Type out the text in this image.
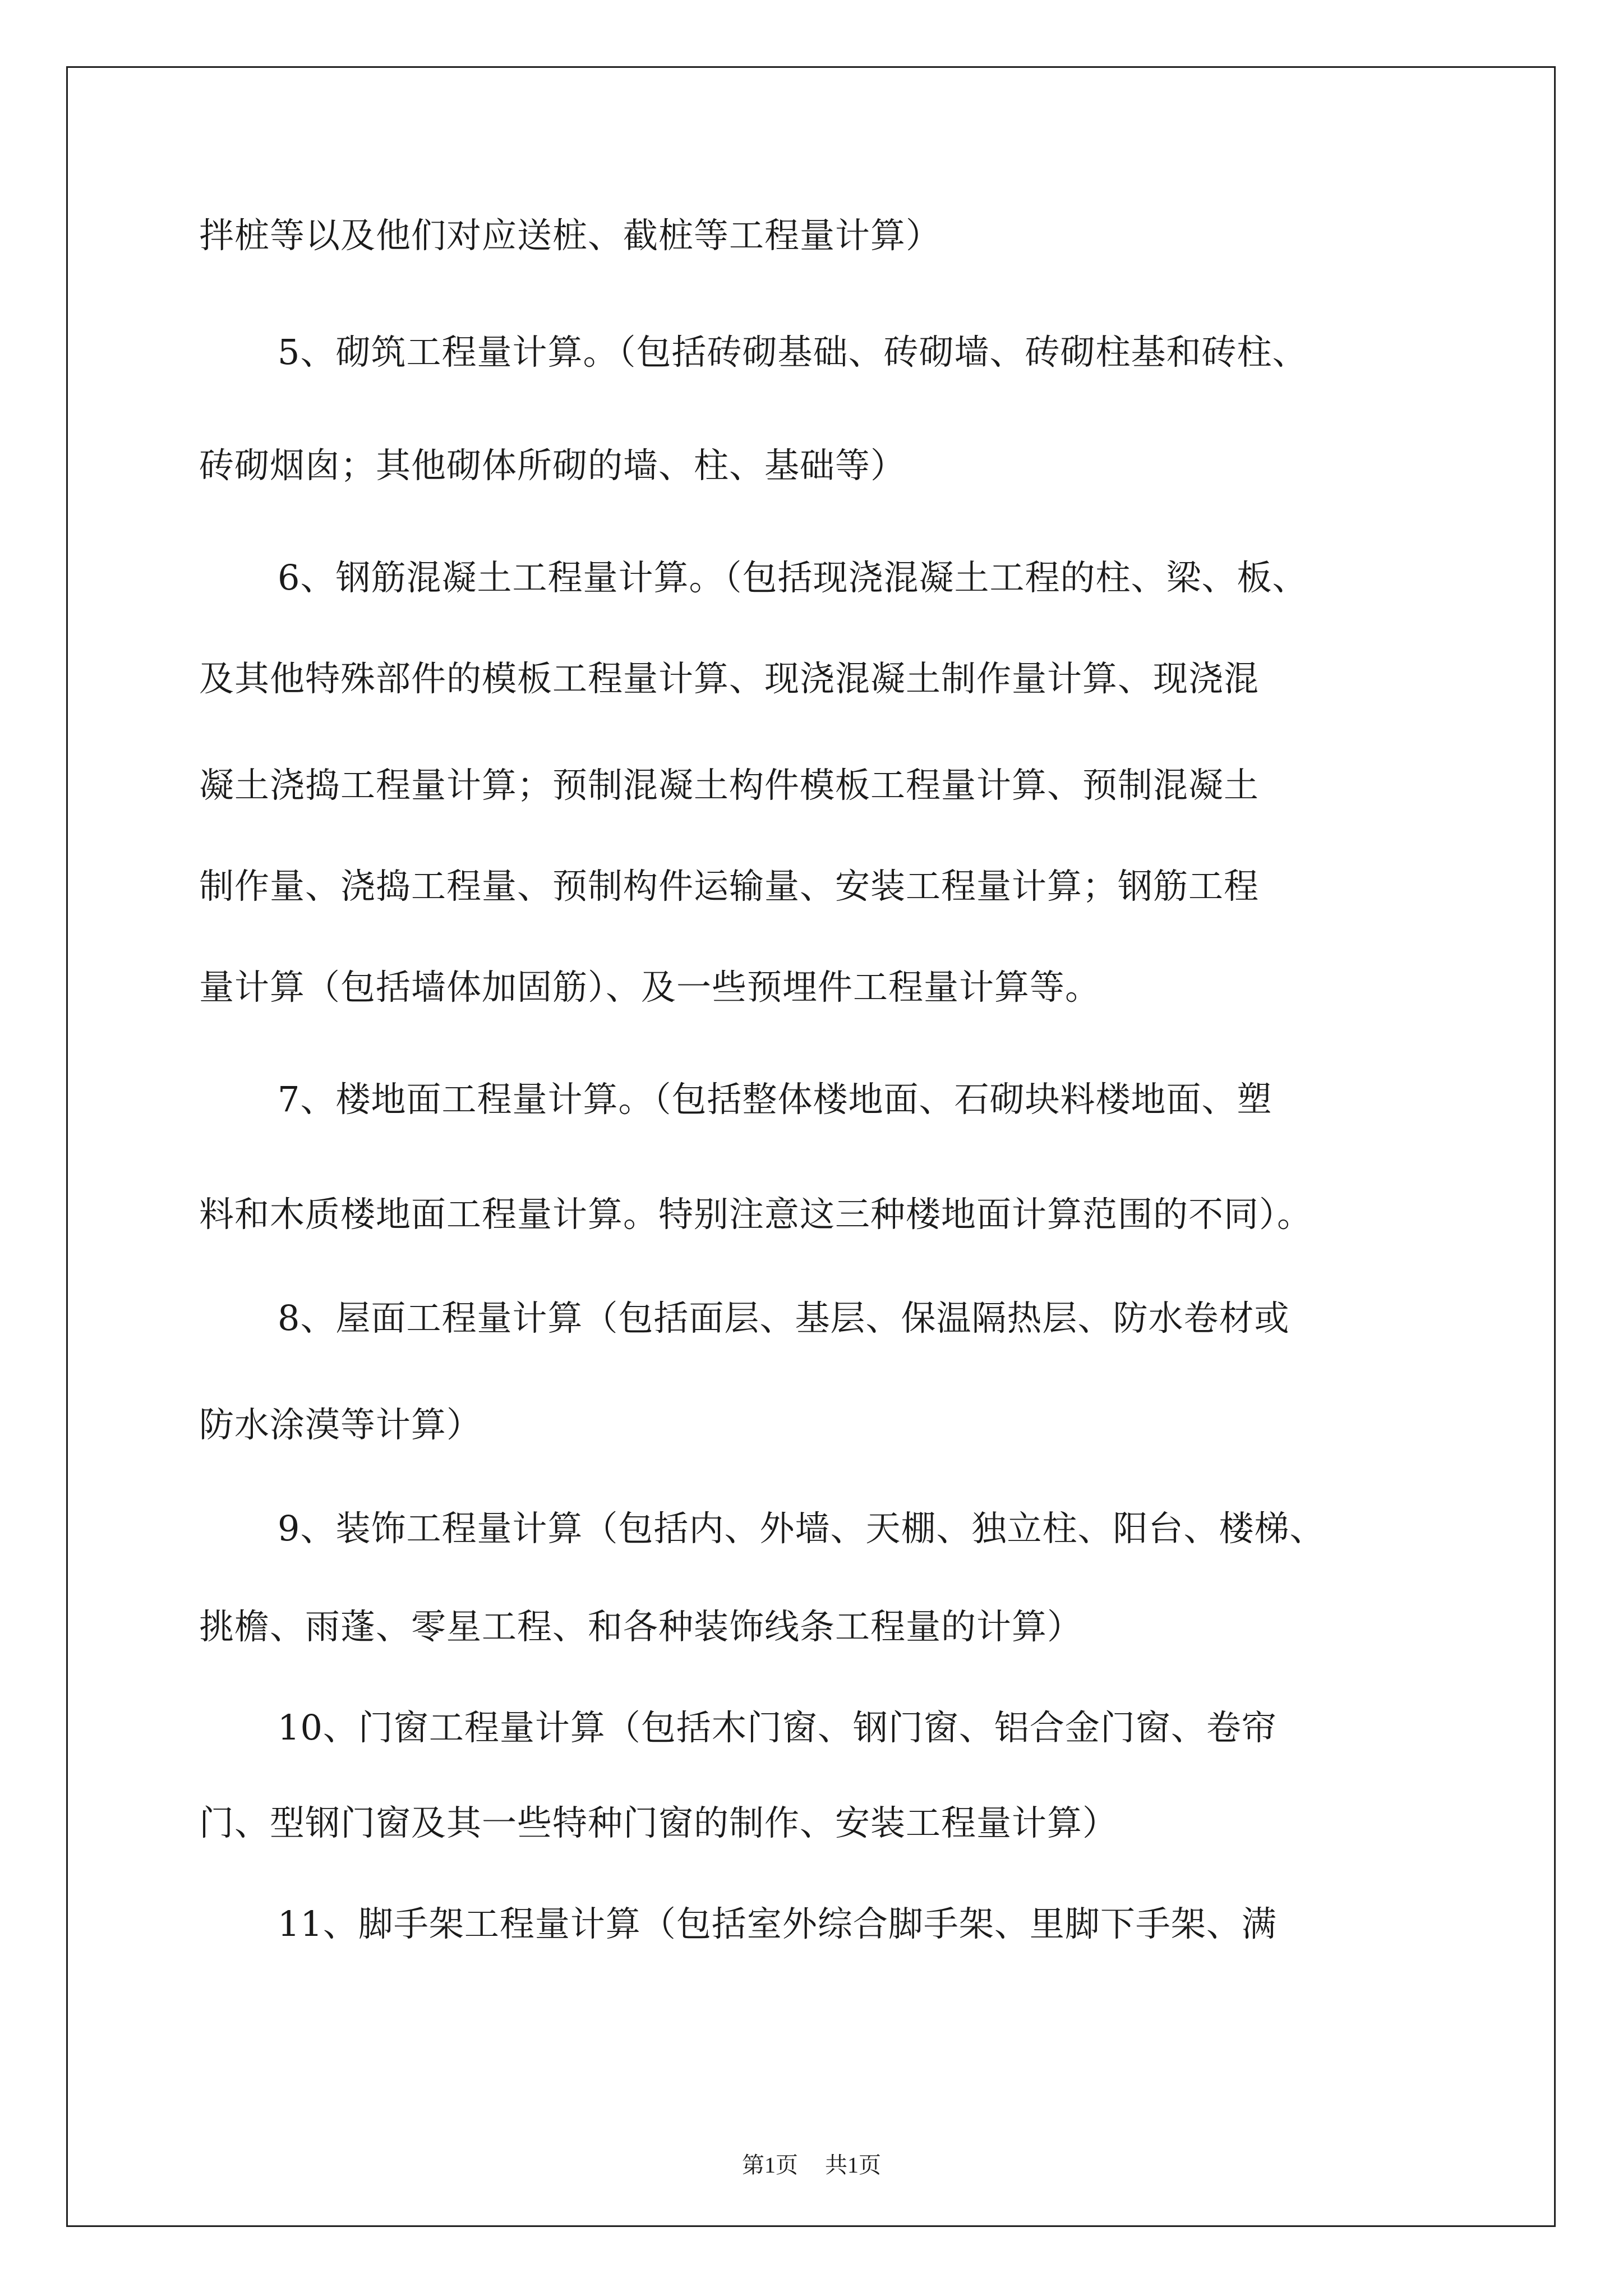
拌桩等以及他们对应送桩、截桩等工程量计算）
5、砌筑工程量计算。（包括砖砌基础、砖砌墙、砖砌柱基和砖柱、
砖砌烟囱；其他砌体所砌的墙、柱、基础等）
6、钢筋混凝土工程量计算。（包括现浇混凝土工程的柱、梁、板、
及其他特殊部件的模板工程量计算、现浇混凝土制作量计算、现浇混
凝土浇捣工程量计算；预制混凝土构件模板工程量计算、预制混凝土
制作量、浇捣工程量、预制构件运输量、安装工程量计算；钢筋工程
量计算（包括墙体加固筋）、及一些预埋件工程量计算等。
7、楼地面工程量计算。（包括整体楼地面、石砌块料楼地面、塑
料和木质楼地面工程量计算。特别注意这三种楼地面计算范围的不同）。
8、屋面工程量计算（包括面层、基层、保温隔热层、防水卷材或
防水涂漠等计算）
9、装饰工程量计算（包括内、外墙、天棚、独立柱、阳台、楼梯、
挑檐、雨蓬、零星工程、和各种装饰线条工程量的计算）
10、门窗工程量计算（包括木门窗、钢门窗、铝合金门窗、卷帘
门、型钢门窗及其一些特种门窗的制作、安装工程量计算）
11、脚手架工程量计算（包括室外综合脚手架、里脚下手架、满
第1页 共1页
